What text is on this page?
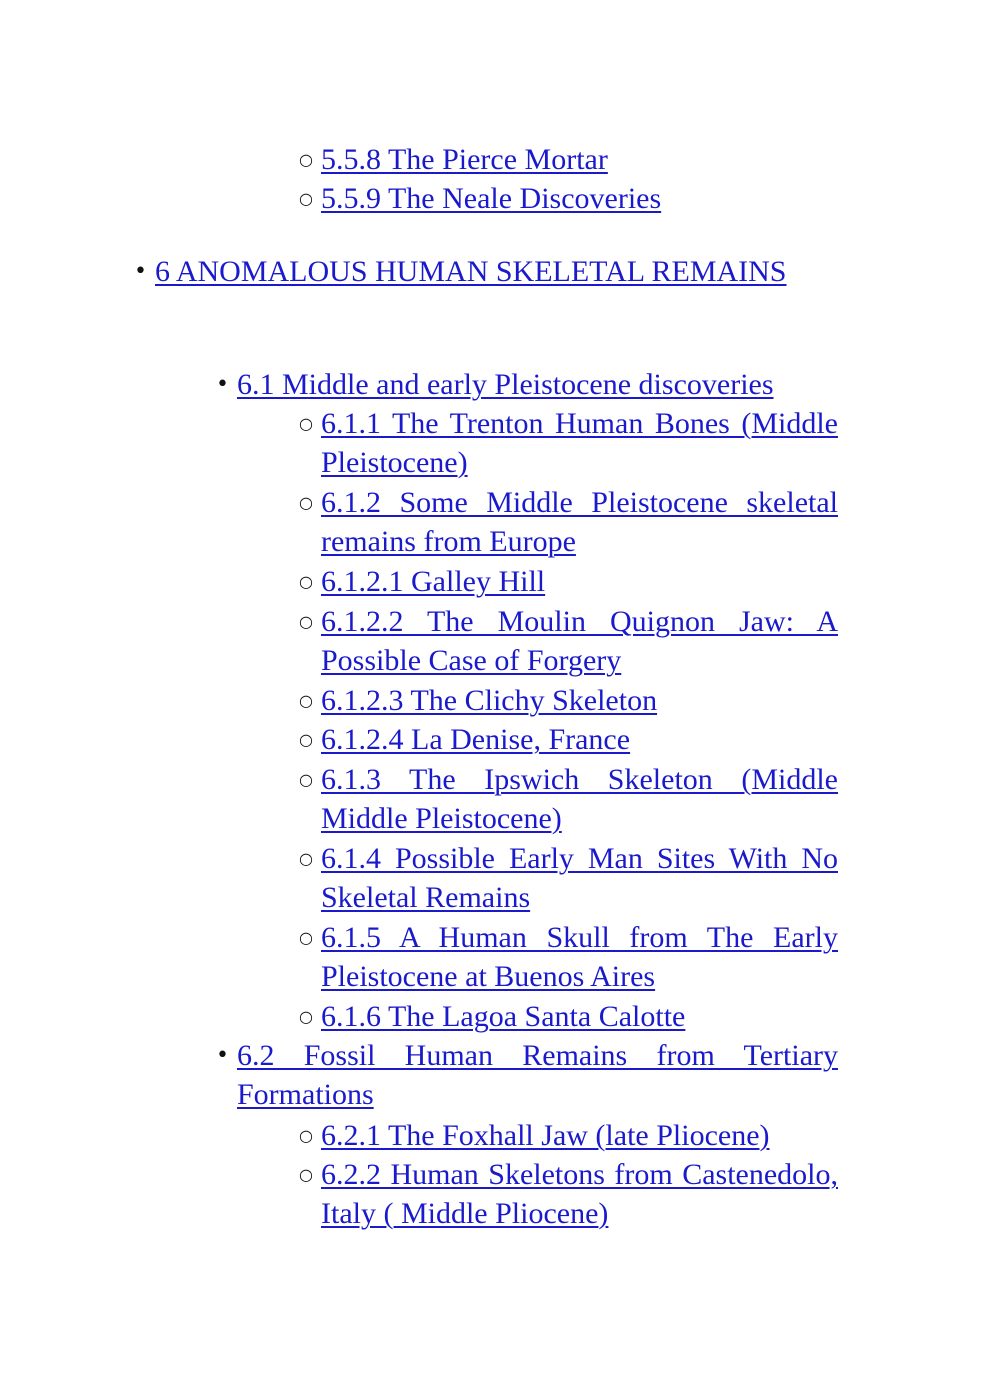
○ 5.5.8 The Pierce Mortar
○ 5.5.9 The Neale Discoveries
• 6 ANOMALOUS HUMAN SKELETAL REMAINS
• 6.1 Middle and early Pleistocene discoveries
○ 6.1.1 The Trenton Human Bones (Middle Pleistocene)
○ 6.1.2 Some Middle Pleistocene skeletal remains from Europe
○ 6.1.2.1 Galley Hill
○ 6.1.2.2 The Moulin Quignon Jaw: A Possible Case of Forgery
○ 6.1.2.3 The Clichy Skeleton
○ 6.1.2.4 La Denise, France
○ 6.1.3 The Ipswich Skeleton (Middle Middle Pleistocene)
○ 6.1.4 Possible Early Man Sites With No Skeletal Remains
○ 6.1.5 A Human Skull from The Early Pleistocene at Buenos Aires
○ 6.1.6 The Lagoa Santa Calotte
• 6.2 Fossil Human Remains from Tertiary Formations
○ 6.2.1 The Foxhall Jaw (late Pliocene)
○ 6.2.2 Human Skeletons from Castenedolo, Italy ( Middle Pliocene)
